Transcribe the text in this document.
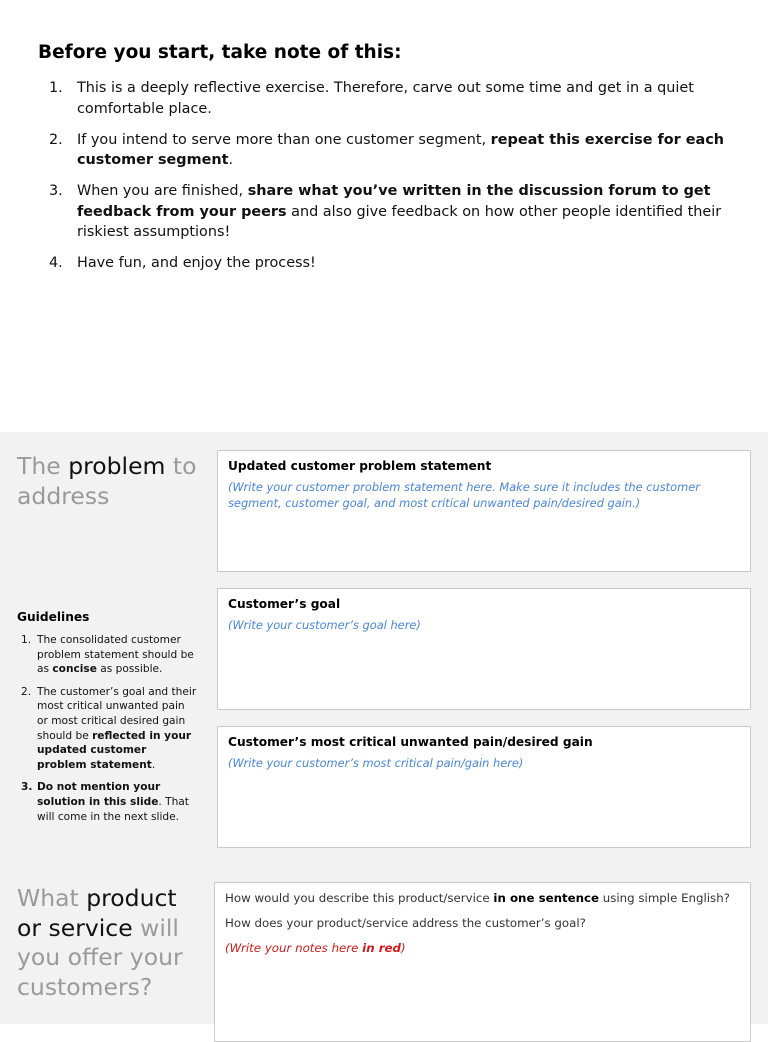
Before you start, take note of this:
1. This is a deeply reflective exercise. Therefore, carve out some time and get in a quiet comfortable place.
2. If you intend to serve more than one customer segment, repeat this exercise for each customer segment.
3. When you are finished, share what you’ve written in the discussion forum to get feedback from your peers and also give feedback on how other people identified their riskiest assumptions!
4. Have fun, and enjoy the process!
The problem to address
Updated customer problem statement
(Write your customer problem statement here. Make sure it includes the customer segment, customer goal, and most critical unwanted pain/desired gain.)
Guidelines
1. The consolidated customer problem statement should be as concise as possible.
2. The customer’s goal and their most critical unwanted pain or most critical desired gain should be reflected in your updated customer problem statement.
3. Do not mention your solution in this slide. That will come in the next slide.
Customer’s goal
(Write your customer’s goal here)
Customer’s most critical unwanted pain/desired gain
(Write your customer’s most critical pain/gain here)
What product or service will you offer your customers?
How would you describe this product/service in one sentence using simple English?
How does your product/service address the customer’s goal?
(Write your notes here in red)
